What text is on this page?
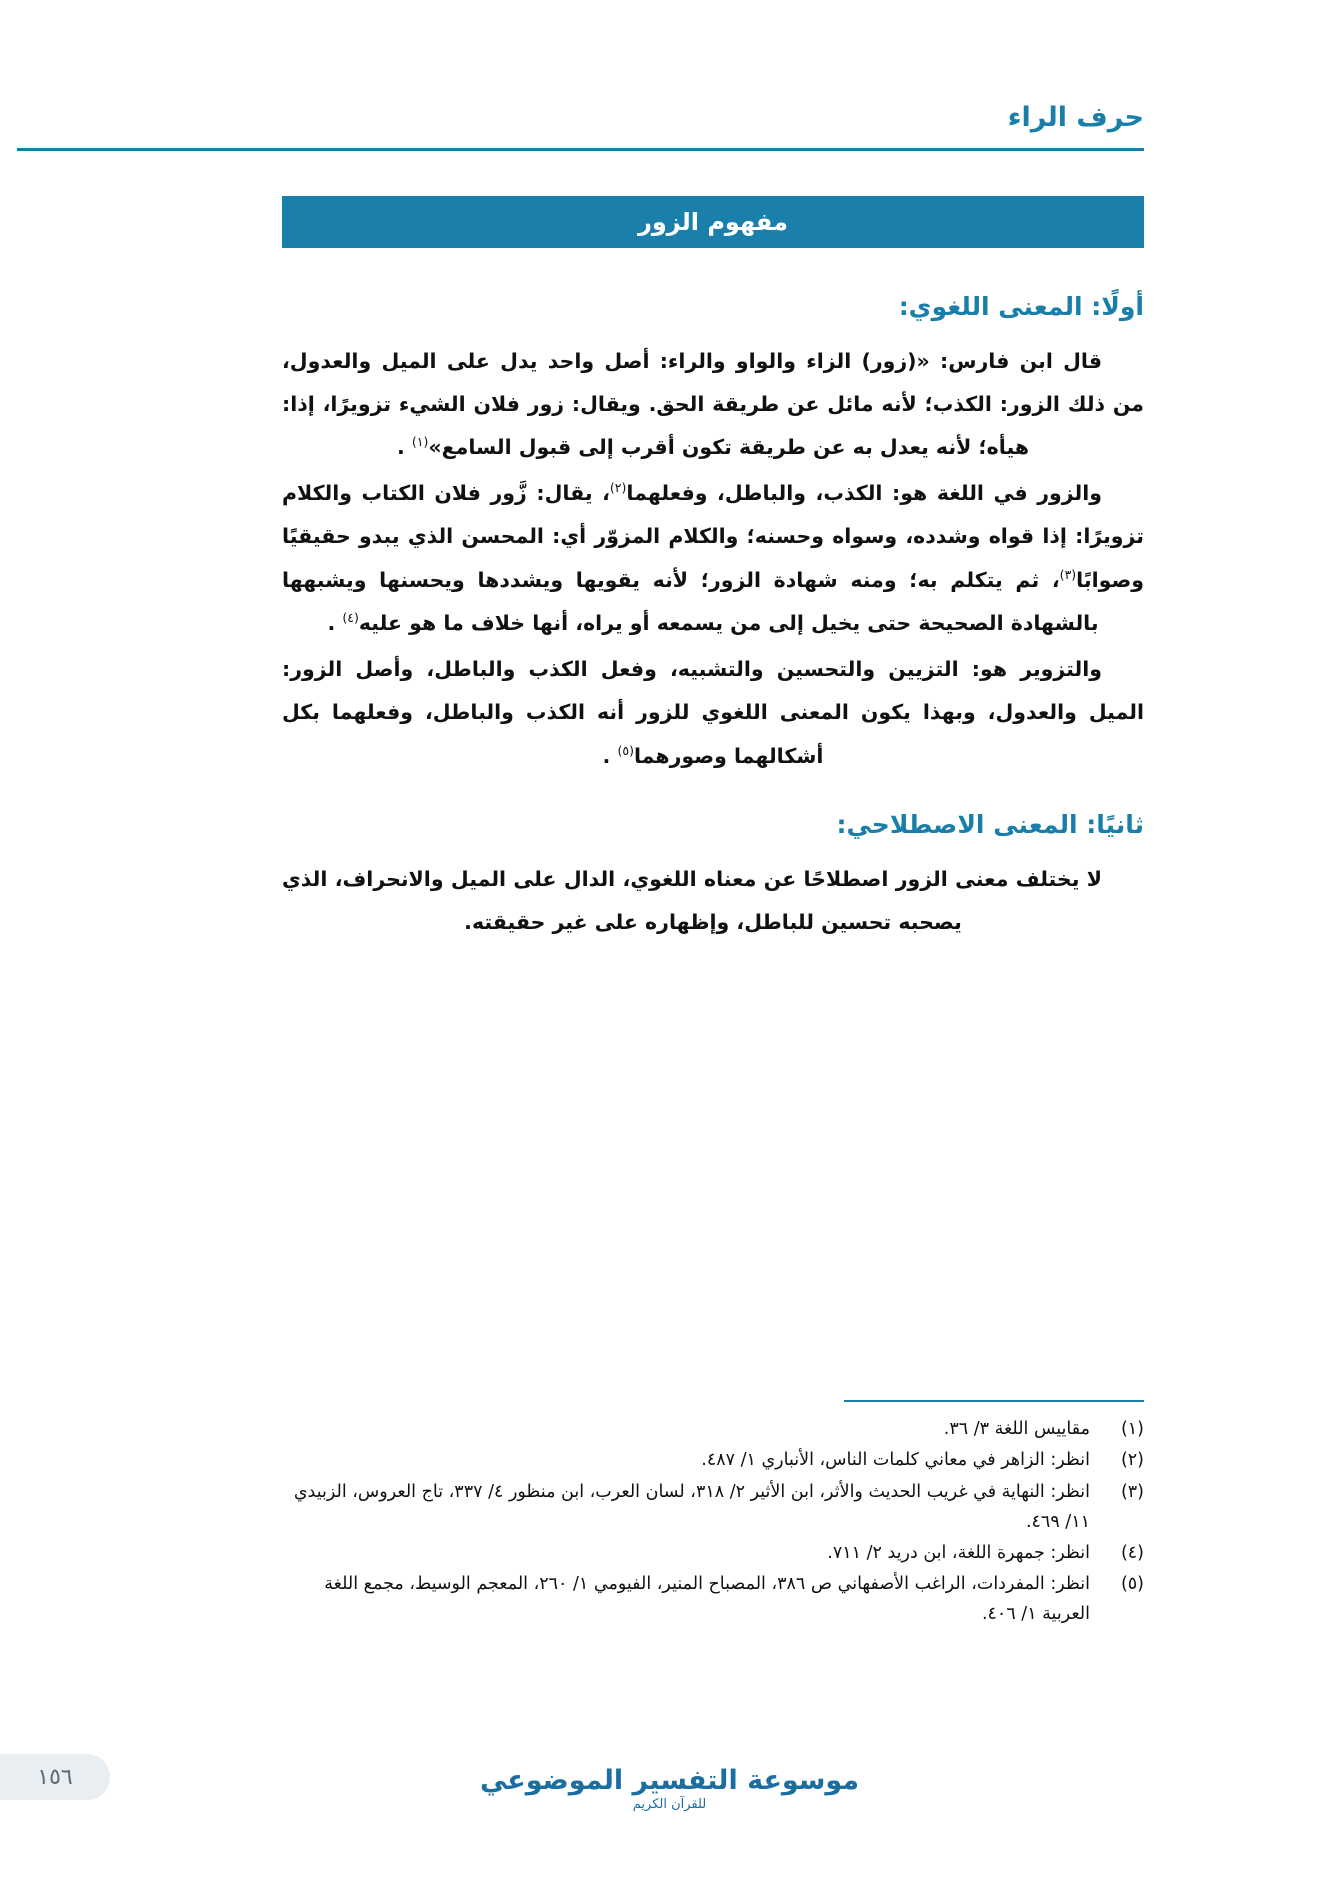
حرف الراء
مفهوم الزور
أولًا: المعنى اللغوي:

قال ابن فارس: «(زور) الزاء والواو والراء: أصل واحد يدل على الميل والعدول، من ذلك الزور: الكذب؛ لأنه مائل عن طريقة الحق. ويقال: زور فلان الشيء تزويرًا، إذا: هيأه؛ لأنه يعدل به عن طريقة تكون أقرب إلى قبول السامع»$^{(١)}$ .

والزور في اللغة هو: الكذب، والباطل، وفعلهما$^{(٢)}$، يقال: زَّور فلان الكتاب والكلام تزويرًا: إذا قواه وشدده، وسواه وحسنه؛ والكلام المزوّر أي: المحسن الذي يبدو حقيقيًا وصوابًا$^{(٣)}$، ثم يتكلم به؛ ومنه شهادة الزور؛ لأنه يقويها ويشددها ويحسنها ويشبهها بالشهادة الصحيحة حتى يخيل إلى من يسمعه أو يراه، أنها خلاف ما هو عليه$^{(٤)}$ .

والتزوير هو: التزيين والتحسين والتشبيه، وفعل الكذب والباطل، وأصل الزور: الميل والعدول، وبهذا يكون المعنى اللغوي للزور أنه الكذب والباطل، وفعلهما بكل أشكالهما وصورهما$^{(٥)}$ .

ثانيًا: المعنى الاصطلاحي:

لا يختلف معنى الزور اصطلاحًا عن معناه اللغوي، الدال على الميل والانحراف، الذي يصحبه تحسين للباطل، وإظهاره على غير حقيقته.

(١)
مقاييس اللغة ٣/ ٣٦.
(٢)
انظر: الزاهر في معاني كلمات الناس، الأنباري ١/ ٤٨٧.
(٣)
انظر: النهاية في غريب الحديث والأثر، ابن الأثير ٢/ ٣١٨، لسان العرب، ابن منظور ٤/ ٣٣٧، تاج العروس، الزبيدي ١١/ ٤٦٩.
(٤)
انظر: جمهرة اللغة، ابن دريد ٢/ ٧١١.
(٥)
انظر: المفردات، الراغب الأصفهاني ص ٣٨٦، المصباح المنير، الفيومي ١/ ٢٦٠، المعجم الوسيط، مجمع اللغة العربية ١/ ٤٠٦.
موسوعة التفسير الموضوعي
للقرآن الكريم
١٥٦
